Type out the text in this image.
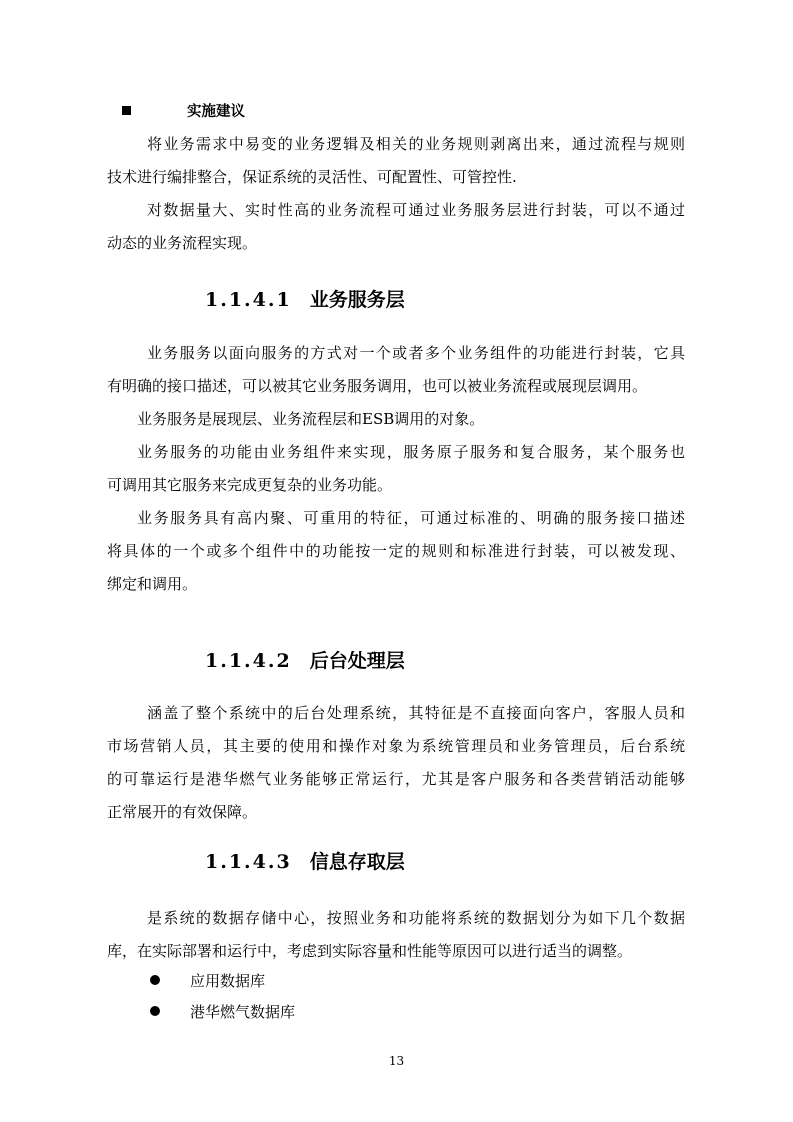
实施建议
将业务需求中易变的业务逻辑及相关的业务规则剥离出来，通过流程与规则
技术进行编排整合，保证系统的灵活性、可配置性、可管控性.
对数据量大、实时性高的业务流程可通过业务服务层进行封装，可以不通过
动态的业务流程实现。
1.1.4.1 业务服务层
业务服务以面向服务的方式对一个或者多个业务组件的功能进行封装，它具
有明确的接口描述，可以被其它业务服务调用，也可以被业务流程或展现层调用。
业务服务是展现层、业务流程层和ESB调用的对象。
业务服务的功能由业务组件来实现，服务原子服务和复合服务，某个服务也
可调用其它服务来完成更复杂的业务功能。
业务服务具有高内聚、可重用的特征，可通过标准的、明确的服务接口描述
将具体的一个或多个组件中的功能按一定的规则和标准进行封装，可以被发现、
绑定和调用。
1.1.4.2 后台处理层
涵盖了整个系统中的后台处理系统，其特征是不直接面向客户，客服人员和
市场营销人员，其主要的使用和操作对象为系统管理员和业务管理员，后台系统
的可靠运行是港华燃气业务能够正常运行，尤其是客户服务和各类营销活动能够
正常展开的有效保障。
1.1.4.3 信息存取层
是系统的数据存储中心，按照业务和功能将系统的数据划分为如下几个数据
库，在实际部署和运行中，考虑到实际容量和性能等原因可以进行适当的调整。
应用数据库
港华燃气数据库
13
